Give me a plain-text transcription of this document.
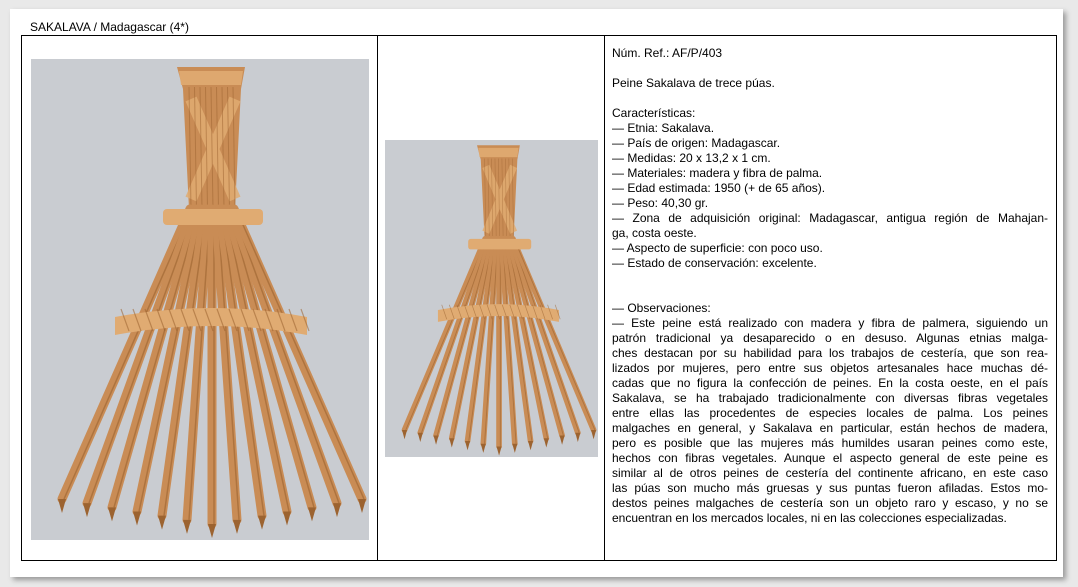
SAKALAVA / Madagascar (4*)

Núm. Ref.: AF/P/403

Peine Sakalava de trece púas.

Características:

— Etnia: Sakalava.
— País de origen: Madagascar.
— Medidas: 20 x 13,2 x 1 cm.
— Materiales: madera y fibra de palma.
— Edad estimada: 1950 (+ de 65 años).
— Peso: 40,30 gr.
— Zona de adquisición original: Madagascar, antigua región de Mahajan-
ga, costa oeste.
— Aspecto de superficie: con poco uso.
— Estado de conservación: excelente.

— Observaciones:

— Este peine está realizado con madera y fibra de palmera, siguiendo un
patrón tradicional ya desaparecido o en desuso. Algunas etnias malga-
ches destacan por su habilidad para los trabajos de cestería, que son rea-
lizados por mujeres, pero entre sus objetos artesanales hace muchas dé-
cadas que no figura la confección de peines. En la costa oeste, en el país
Sakalava, se ha trabajado tradicionalmente con diversas fibras vegetales
entre ellas las procedentes de especies locales de palma. Los peines
malgaches en general, y Sakalava en particular, están hechos de madera,
pero es posible que las mujeres más humildes usaran peines como este,
hechos con fibras vegetales. Aunque el aspecto general de este peine es
similar al de otros peines de cestería del continente africano, en este caso
las púas son mucho más gruesas y sus puntas fueron afiladas. Estos mo-
destos peines malgaches de cestería son un objeto raro y escaso, y no se
encuentran en los mercados locales, ni en las colecciones especializadas.
